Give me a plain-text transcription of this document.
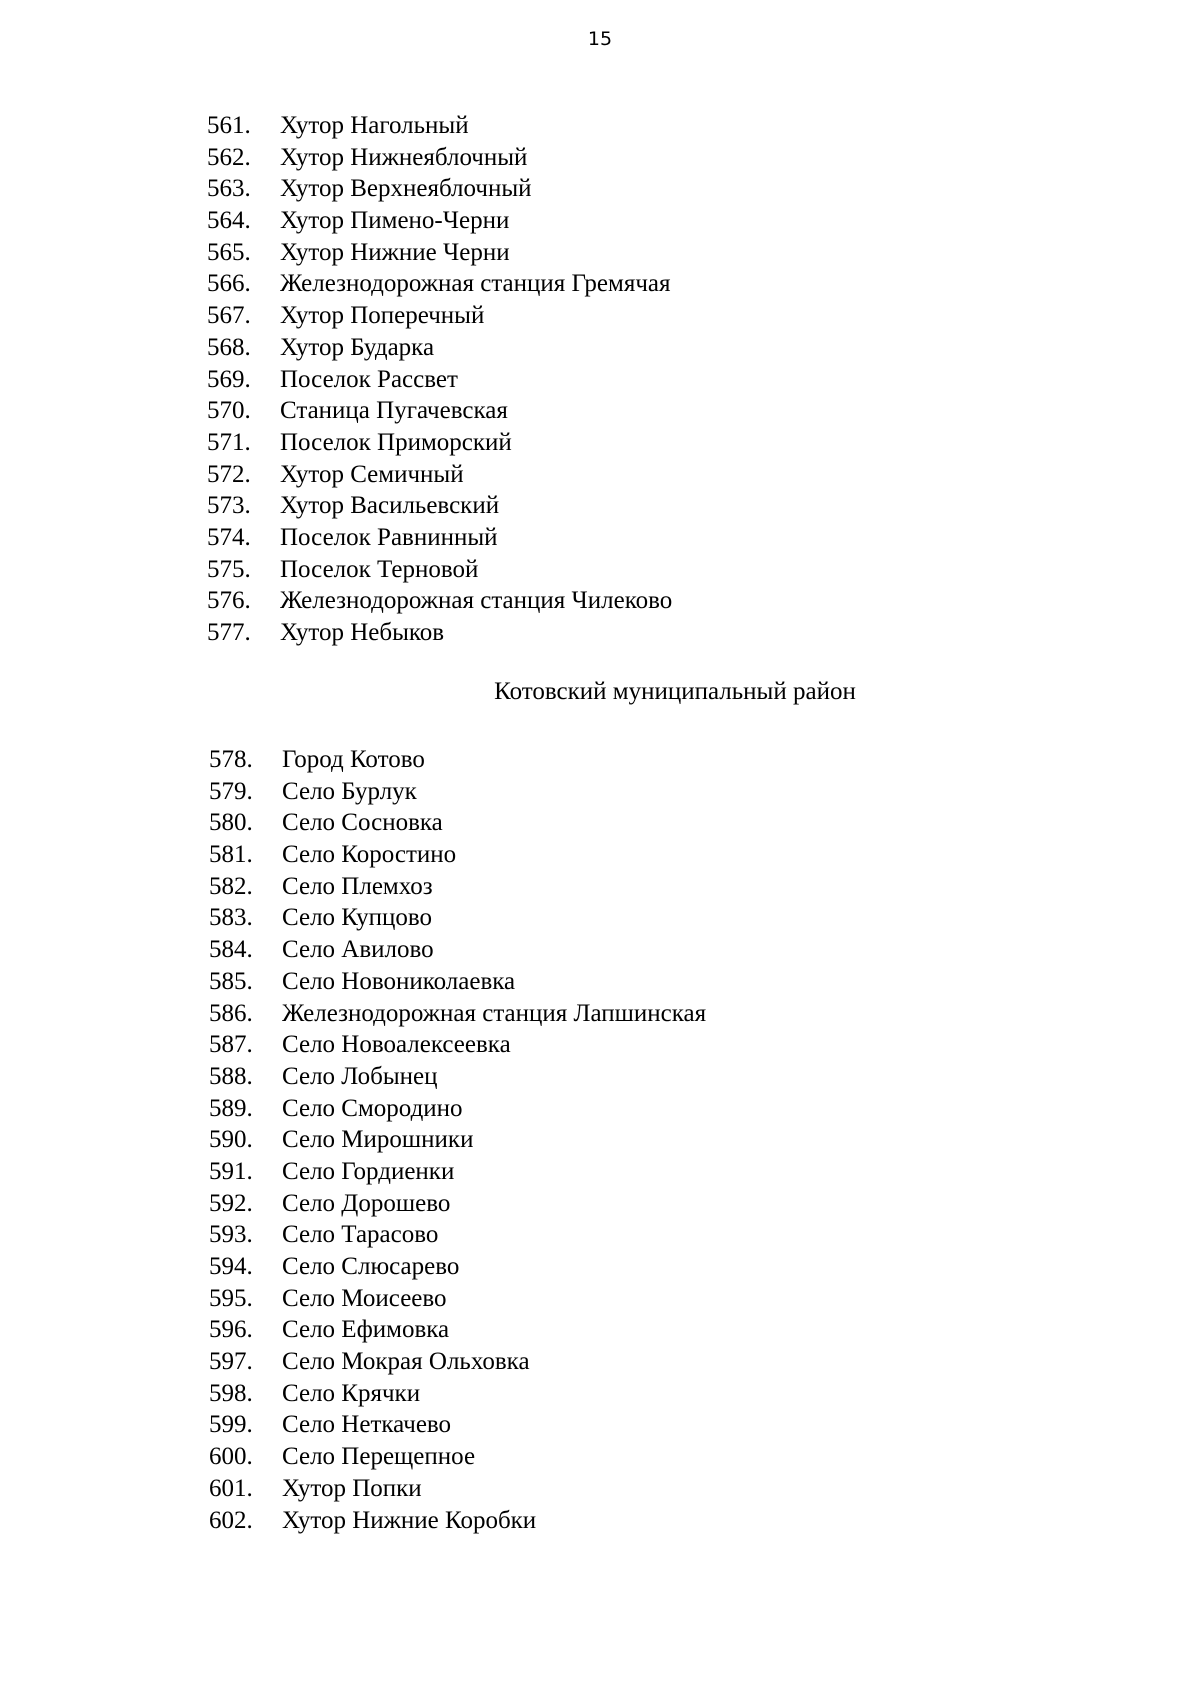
15
561.	Хутор Нагольный
562.	Хутор Нижнеяблочный
563.	Хутор Верхнеяблочный
564.	Хутор Пимено-Черни
565.	Хутор Нижние Черни
566.	Железнодорожная станция Гремячая
567.	Хутор Поперечный
568.	Хутор Бударка
569.	Поселок Рассвет
570.	Станица Пугачевская
571.	Поселок Приморский
572.	Хутор Семичный
573.	Хутор Васильевский
574.	Поселок Равнинный
575.	Поселок Терновой
576.	Железнодорожная станция Чилеково
577.	Хутор Небыков
Котовский муниципальный район
578.	Город Котово
579.	Село Бурлук
580.	Село Сосновка
581.	Село Коростино
582.	Село Племхоз
583.	Село Купцово
584.	Село Авилово
585.	Село Новониколаевка
586.	Железнодорожная станция Лапшинская
587.	Село Новоалексеевка
588.	Село Лобынец
589.	Село Смородино
590.	Село Мирошники
591.	Село Гордиенки
592.	Село Дорошево
593.	Село Тарасово
594.	Село Слюсарево
595.	Село Моисеево
596.	Село Ефимовка
597.	Село Мокрая Ольховка
598.	Село Крячки
599.	Село Неткачево
600.	Село Перещепное
601.	Хутор Попки
602.	Хутор Нижние Коробки
